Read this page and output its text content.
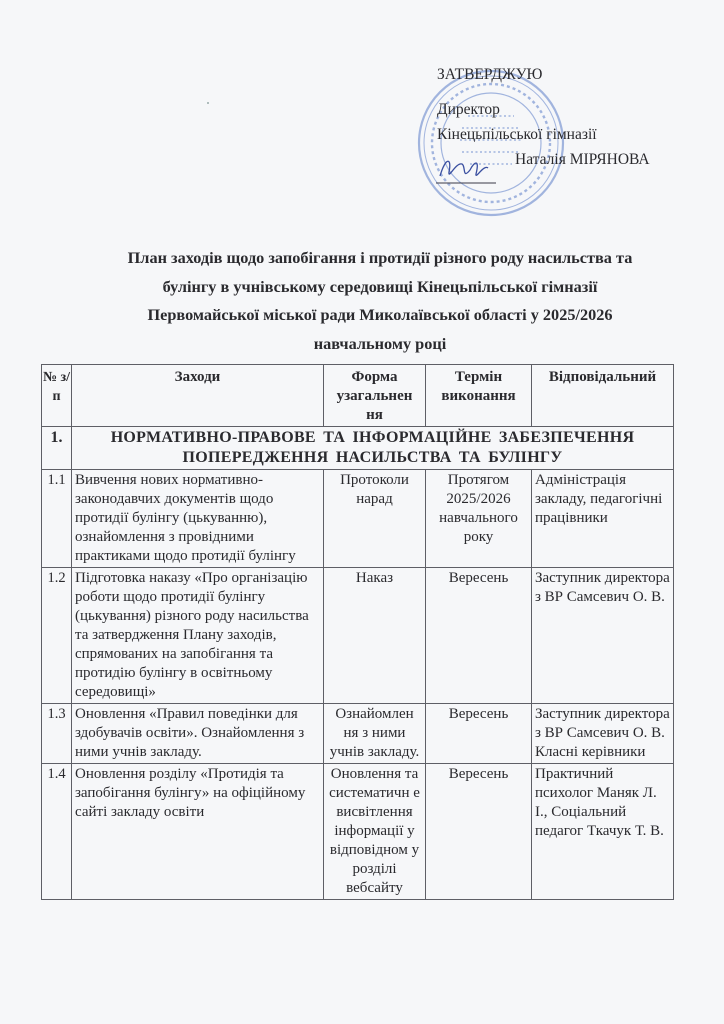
ЗАТВЕРДЖУЮ
Директор
Кінецьпільської гімназії
Наталія МІРЯНОВА
План заходів щодо запобігання і протидії різного роду насильства та
булінгу в учнівському середовищі Кінецьпільської гімназії
Первомайської міської ради Миколаївської області у 2025/2026
навчальному році
№ з/п	Заходи	Форма узагальнен ня	Термін виконання	Відповідальний
1.	НОРМАТИВНО-ПРАВОВЕ ТА ІНФОРМАЦІЙНЕ ЗАБЕЗПЕЧЕННЯ ПОПЕРЕДЖЕННЯ НАСИЛЬСТВА ТА БУЛІНГУ			
1.1	Вивчення нових нормативно-законодавчих документів щодо протидії булінгу (цькуванню), ознайомлення з провідними практиками щодо протидії булінгу	Протоколи нарад	Протягом 2025/2026 навчального року	Адміністрація закладу, педагогічні працівники
1.2	Підготовка наказу «Про організацію роботи щодо протидії булінгу (цькування) різного роду насильства та затвердження Плану заходів, спрямованих на запобігання та протидію булінгу в освітньому середовищі»	Наказ	Вересень	Заступник директора з ВР Самсевич О. В.
1.3	Оновлення «Правил поведінки для здобувачів освіти». Ознайомлення з ними учнів закладу.	Ознайомлен ня з ними учнів закладу.	Вересень	Заступник директора з ВР Самсевич О. В. Класні керівники
1.4	Оновлення розділу «Протидія та запобігання булінгу» на офіційному сайті закладу освіти	Оновлення та систематичн е висвітлення інформації у відповідном у розділі вебсайту	Вересень	Практичний психолог Маняк Л. І., Соціальний педагог Ткачук Т. В.
